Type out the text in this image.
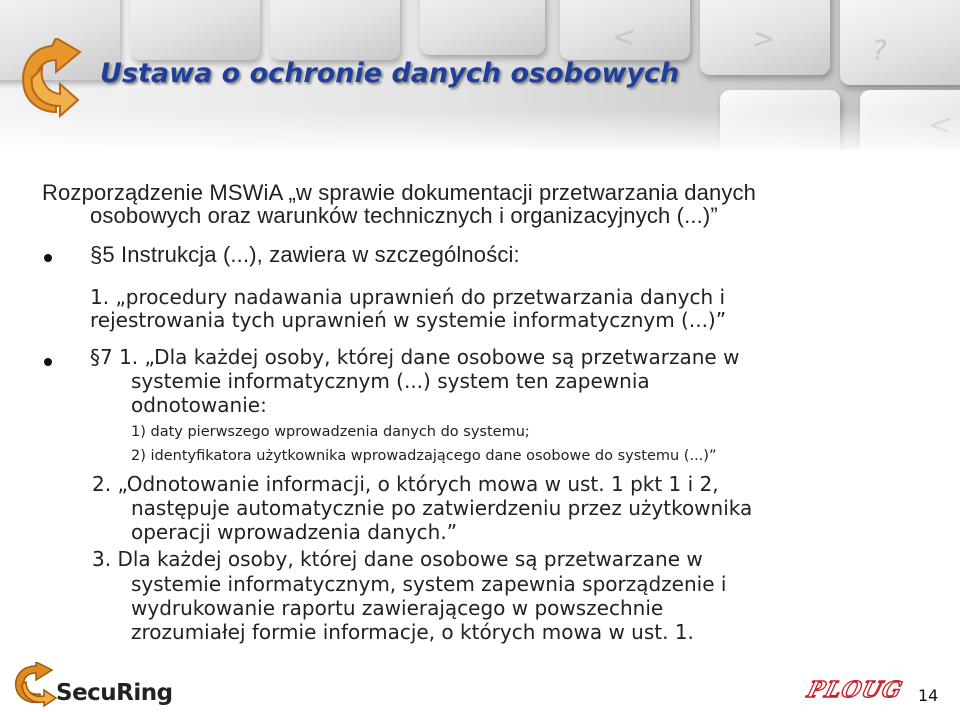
<	>	?
Ustawa o ochronie danych osobowych

Rozporządzenie MSWiA „w sprawie dokumentacji przetwarzania danych

osobowych oraz warunków technicznych i organizacyjnych (...)”

§5 Instrukcja (...), zawiera w szczególności:

1. „procedury nadawania uprawnień do przetwarzania danych i

rejestrowania tych uprawnień w systemie informatycznym (...)”

§7 1. „Dla każdej osoby, której dane osobowe są przetwarzane w

systemie informatycznym (...) system ten zapewnia

odnotowanie:

1) daty pierwszego wprowadzenia danych do systemu;

2) identyfikatora użytkownika wprowadzającego dane osobowe do systemu (...)”

2. „Odnotowanie informacji, o których mowa w ust. 1 pkt 1 i 2,

następuje automatycznie po zatwierdzeniu przez użytkownika

operacji wprowadzenia danych.”

3. Dla każdej osoby, której dane osobowe są przetwarzane w

systemie informatycznym, system zapewnia sporządzenie i

wydrukowanie raportu zawierającego w powszechnie

zrozumiałej formie informacje, o których mowa w ust. 1.

SecuRing	PLOUG 14
